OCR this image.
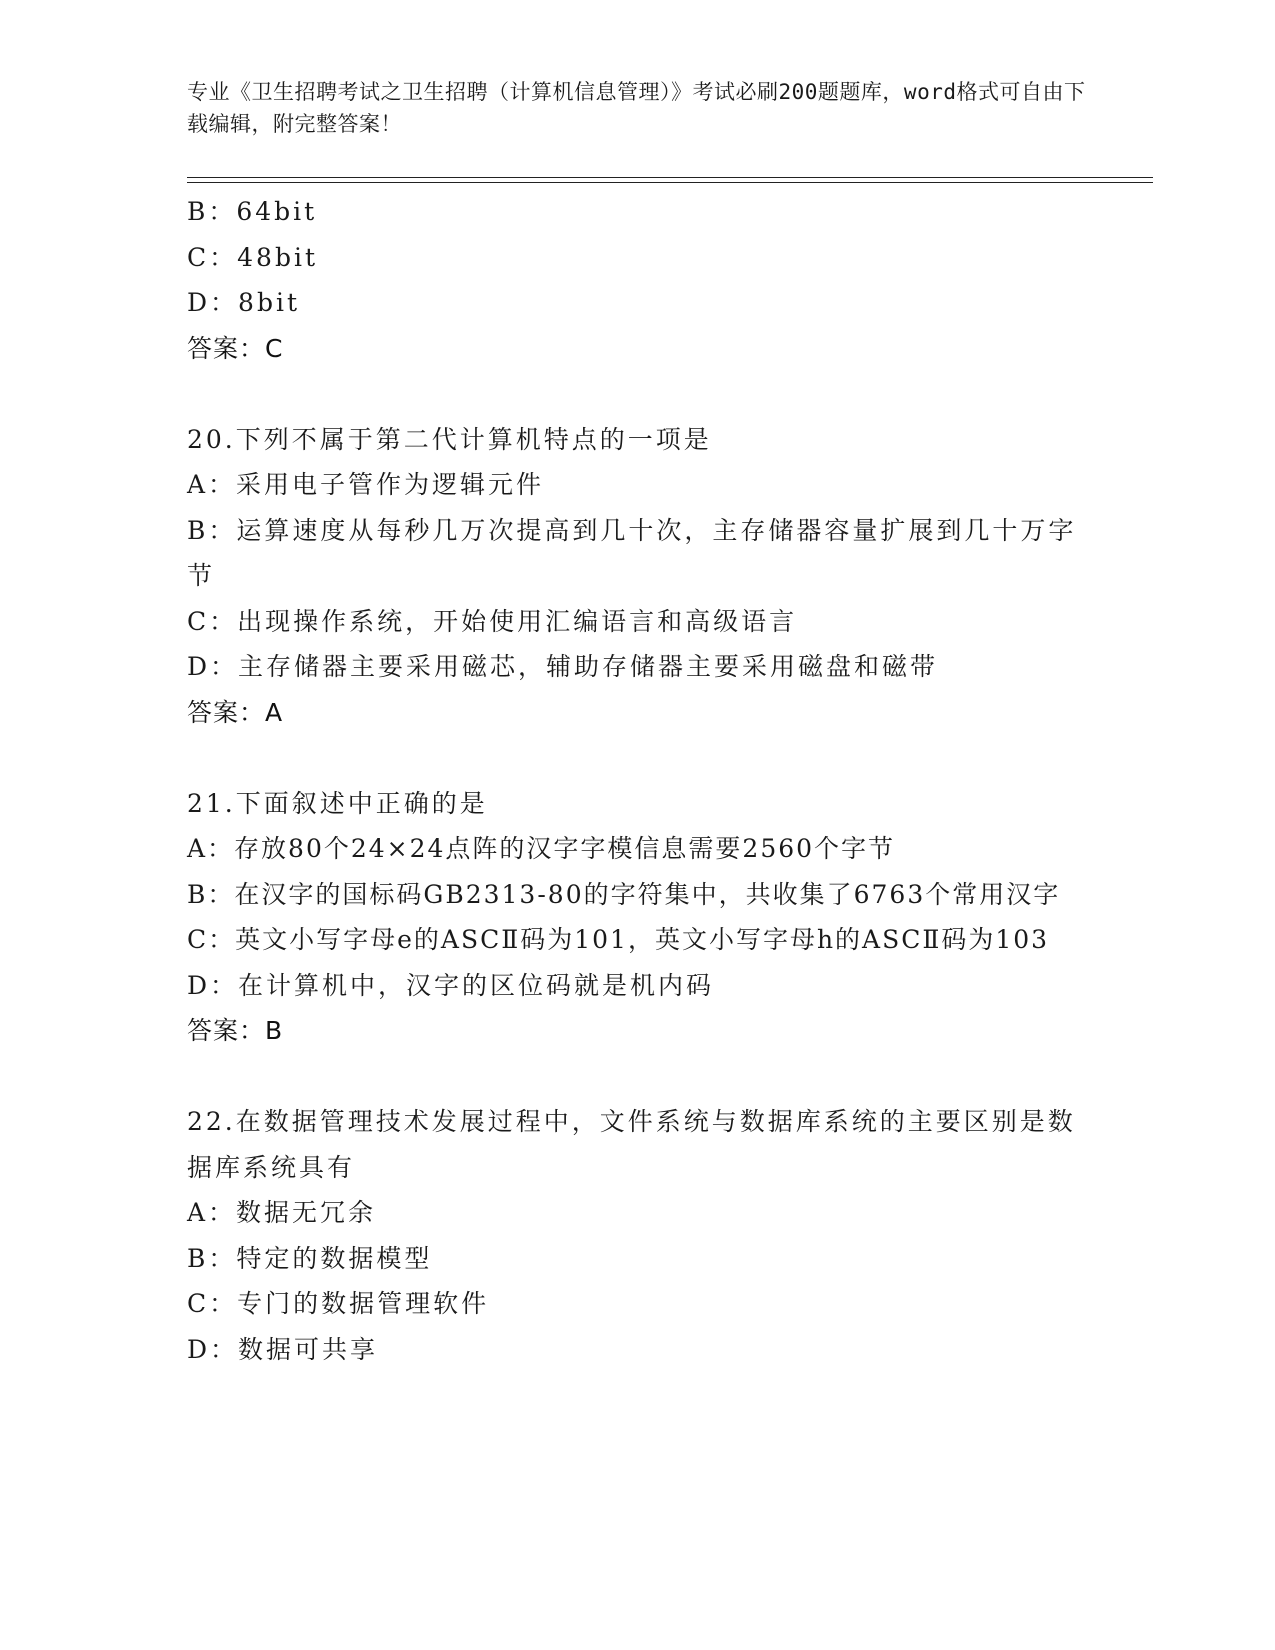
专业《卫生招聘考试之卫生招聘（计算机信息管理）》考试必刷200题题库，word格式可自由下载编辑，附完整答案！
B：64bit
C：48bit
D：8bit
答案：C
20.下列不属于第二代计算机特点的一项是
A：采用电子管作为逻辑元件
B：运算速度从每秒几万次提高到几十次，主存储器容量扩展到几十万字节
C：出现操作系统，开始使用汇编语言和高级语言
D：主存储器主要采用磁芯，辅助存储器主要采用磁盘和磁带
答案：A
21.下面叙述中正确的是
A：存放80个24×24点阵的汉字字模信息需要2560个字节
B：在汉字的国标码GB2313-80的字符集中，共收集了6763个常用汉字
C：英文小写字母e的ASCⅡ码为101，英文小写字母h的ASCⅡ码为103
D：在计算机中，汉字的区位码就是机内码
答案：B
22.在数据管理技术发展过程中，文件系统与数据库系统的主要区别是数据库系统具有
A：数据无冗余
B：特定的数据模型
C：专门的数据管理软件
D：数据可共享
